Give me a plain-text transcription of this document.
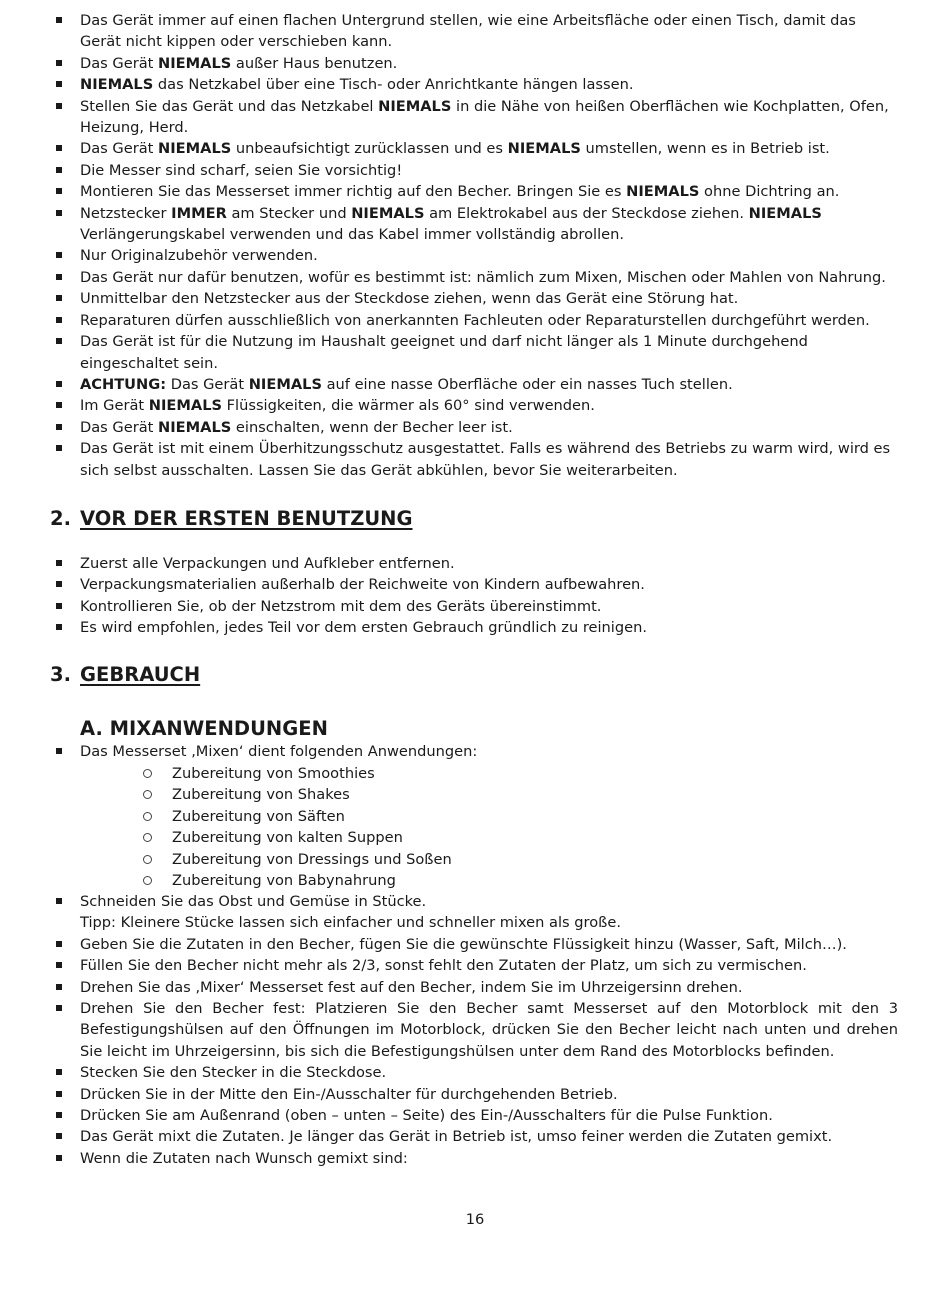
Das Gerät immer auf einen flachen Untergrund stellen, wie eine Arbeitsfläche oder einen Tisch, damit das Gerät nicht kippen oder verschieben kann.
Das Gerät NIEMALS außer Haus benutzen.
NIEMALS das Netzkabel über eine Tisch- oder Anrichtkante hängen lassen.
Stellen Sie das Gerät und das Netzkabel NIEMALS in die Nähe von heißen Oberflächen wie Kochplatten, Ofen, Heizung, Herd.
Das Gerät NIEMALS unbeaufsichtigt zurücklassen und es NIEMALS umstellen, wenn es in Betrieb ist.
Die Messer sind scharf, seien Sie vorsichtig!
Montieren Sie das Messerset immer richtig auf den Becher. Bringen Sie es NIEMALS ohne Dichtring an.
Netzstecker IMMER am Stecker und NIEMALS am Elektrokabel aus der Steckdose ziehen. NIEMALS Verlängerungskabel verwenden und das Kabel immer vollständig abrollen.
Nur Originalzubehör verwenden.
Das Gerät nur dafür benutzen, wofür es bestimmt ist: nämlich zum Mixen, Mischen oder Mahlen von Nahrung.
Unmittelbar den Netzstecker aus der Steckdose ziehen, wenn das Gerät eine Störung hat.
Reparaturen dürfen ausschließlich von anerkannten Fachleuten oder Reparaturstellen durchgeführt werden.
Das Gerät ist für die Nutzung im Haushalt geeignet und darf nicht länger als 1 Minute durchgehend eingeschaltet sein.
ACHTUNG: Das Gerät NIEMALS auf eine nasse Oberfläche oder ein nasses Tuch stellen.
Im Gerät NIEMALS Flüssigkeiten, die wärmer als 60° sind verwenden.
Das Gerät NIEMALS einschalten, wenn der Becher leer ist.
Das Gerät ist mit einem Überhitzungsschutz ausgestattet. Falls es während des Betriebs zu warm wird, wird es sich selbst ausschalten. Lassen Sie das Gerät abkühlen, bevor Sie weiterarbeiten.
2. VOR DER ERSTEN BENUTZUNG
Zuerst alle Verpackungen und Aufkleber entfernen.
Verpackungsmaterialien außerhalb der Reichweite von Kindern aufbewahren.
Kontrollieren Sie, ob der Netzstrom mit dem des Geräts übereinstimmt.
Es wird empfohlen, jedes Teil vor dem ersten Gebrauch gründlich zu reinigen.
3. GEBRAUCH
A. MIXANWENDUNGEN
Das Messerset ‚Mixen‘ dient folgenden Anwendungen:
Zubereitung von Smoothies
Zubereitung von Shakes
Zubereitung von Säften
Zubereitung von kalten Suppen
Zubereitung von Dressings und Soßen
Zubereitung von Babynahrung
Schneiden Sie das Obst und Gemüse in Stücke.
Tipp: Kleinere Stücke lassen sich einfacher und schneller mixen als große.
Geben Sie die Zutaten in den Becher, fügen Sie die gewünschte Flüssigkeit hinzu (Wasser, Saft, Milch…).
Füllen Sie den Becher nicht mehr als 2/3, sonst fehlt den Zutaten der Platz, um sich zu vermischen.
Drehen Sie das ‚Mixer‘ Messerset fest auf den Becher, indem Sie im Uhrzeigersinn drehen.
Drehen Sie den Becher fest: Platzieren Sie den Becher samt Messerset auf den Motorblock mit den 3 Befestigungshülsen auf den Öffnungen im Motorblock, drücken Sie den Becher leicht nach unten und drehen Sie leicht im Uhrzeigersinn, bis sich die Befestigungshülsen unter dem Rand des Motorblocks befinden.
Stecken Sie den Stecker in die Steckdose.
Drücken Sie in der Mitte den Ein-/Ausschalter für durchgehenden Betrieb.
Drücken Sie am Außenrand (oben – unten – Seite) des Ein-/Ausschalters für die Pulse Funktion.
Das Gerät mixt die Zutaten. Je länger das Gerät in Betrieb ist, umso feiner werden die Zutaten gemixt.
Wenn die Zutaten nach Wunsch gemixt sind:
16
